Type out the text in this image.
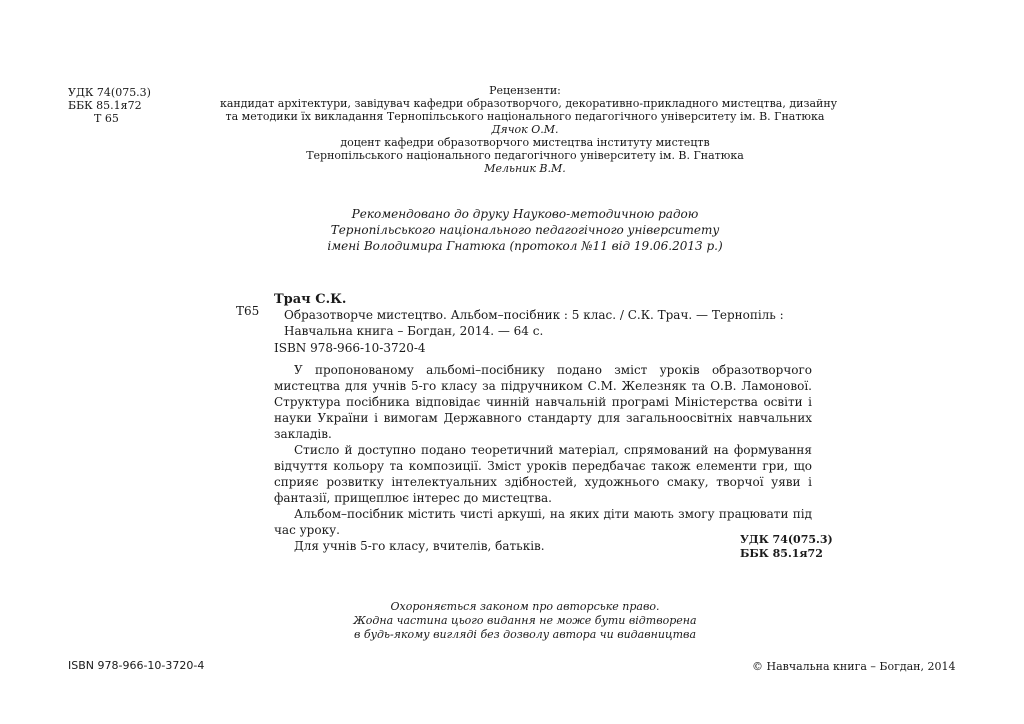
УДК 74(075.3)
ББК 85.1я72
Т 65
Рецензенти:
кандидат архітектури, завідувач кафедри образотворчого, декоративно-прикладного мистецтва, дизайну
та методики їх викладання Тернопільського національного педагогічного університету ім. В. Гнатюка
Дячок О.М.
доцент кафедри образотворчого мистецтва інституту мистецтв
Тернопільського національного педагогічного університету ім. В. Гнатюка
Мельник В.М.
Рекомендовано до друку Науково-методичною радою
Тернопільського національного педагогічного університету
імені Володимира Гнатюка (протокол №11 від 19.06.2013 р.)
Т65
Трач С.К.
Образотворче мистецтво. Альбом–посібник : 5 клас. / С.К. Трач. — Тернопіль :
Навчальна книга – Богдан, 2014. — 64 с.
ISBN 978-966-10-3720-4

У пропонованому альбомі–посібнику подано зміст уроків образотворчого мистецтва для учнів 5-го класу за підручником С.М. Железняк та О.В. Ламонової. Структура посібника відповідає чинній навчальній програмі Міністерства освіти і науки України і вимогам Державного стандарту для загальноосвітніх навчальних закладів.

Стисло й доступно подано теоретичний матеріал, спрямований на формування відчуття кольору та композиції. Зміст уроків передбачає також елементи гри, що сприяє розвитку інтелектуальних здібностей, художнього смаку, творчої уяви і фантазії, прищеплює інтерес до мистецтва.

Альбом–посібник містить чисті аркуші, на яких діти мають змогу працювати під час уроку.

Для учнів 5-го класу, вчителів, батьків.	УДК 74(075.3)
ББК 85.1я72
Охороняється законом про авторське право.
Жодна частина цього видання не може бути відтворена
в будь-якому вигляді без дозволу автора чи видавництва
ISBN 978-966-10-3720-4	© Навчальна книга – Богдан, 2014
